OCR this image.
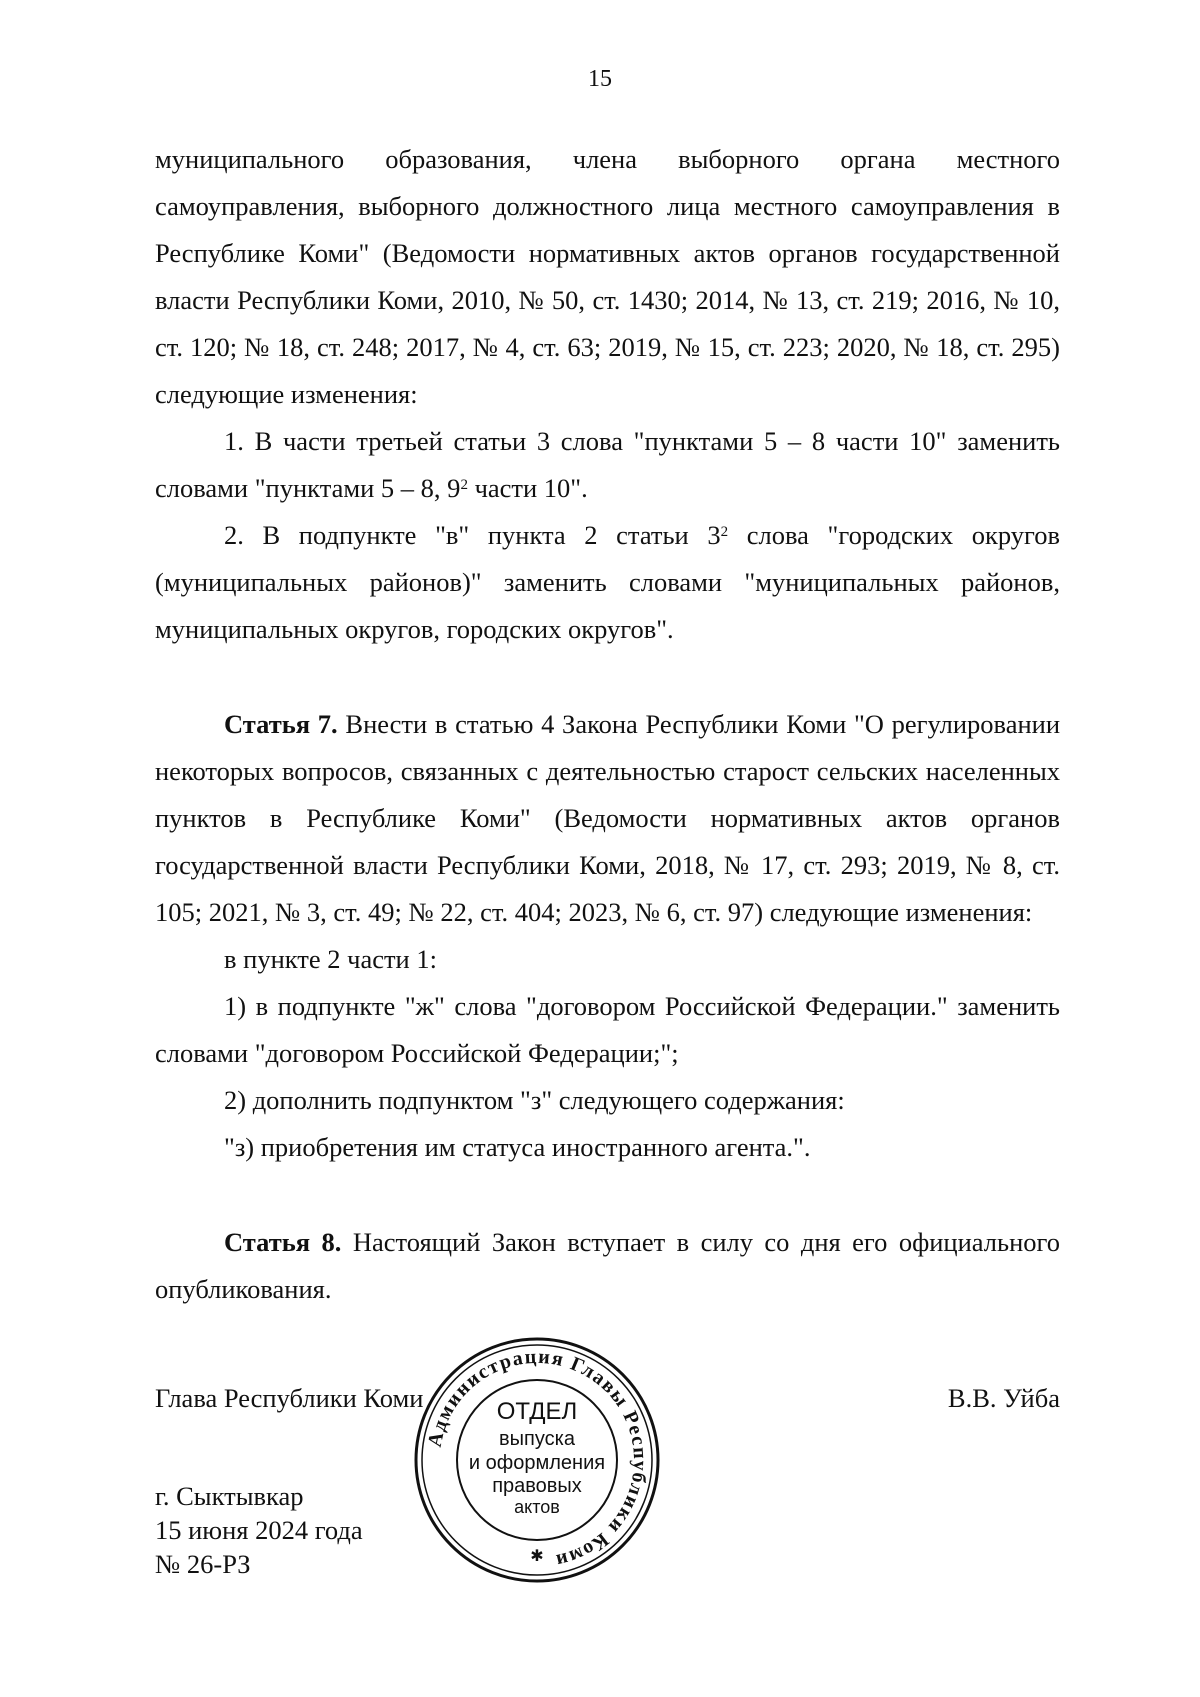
15

муниципального образования, члена выборного органа местного самоуправления, выборного должностного лица местного самоуправления в Республике Коми" (Ведомости нормативных актов органов государственной власти Республики Коми, 2010, № 50, ст. 1430; 2014, № 13, ст. 219; 2016, № 10, ст. 120; № 18, ст. 248; 2017, № 4, ст. 63; 2019, № 15, ст. 223; 2020, № 18, ст. 295) следующие изменения:

1. В части третьей статьи 3 слова "пунктами 5 – 8 части 10" заменить словами "пунктами 5 – 8, $9^2$ части 10".

2. В подпункте "в" пункта 2 статьи $3^2$ слова "городских округов (муниципальных районов)" заменить словами "муниципальных районов, муниципальных округов, городских округов".

Статья 7. Внести в статью 4 Закона Республики Коми "О регулировании некоторых вопросов, связанных с деятельностью старост сельских населенных пунктов в Республике Коми" (Ведомости нормативных актов органов государственной власти Республики Коми, 2018, № 17, ст. 293; 2019, № 8, ст. 105; 2021, № 3, ст. 49; № 22, ст. 404; 2023, № 6, ст. 97) следующие изменения:

в пункте 2 части 1:

1) в подпункте "ж" слова "договором Российской Федерации." заменить словами "договором Российской Федерации;";

2) дополнить подпунктом "з" следующего содержания:

"з) приобретения им статуса иностранного агента.".

Статья 8. Настоящий Закон вступает в силу со дня его официального опубликования.

Глава Республики Коми	В.В. Уйба
г. Сыктывкар
15 июня 2024 года
№ 26-РЗ
Администрация Главы Республики Коми
ОТДЕЛ
выпуска
и оформления
правовых
актов
✱
